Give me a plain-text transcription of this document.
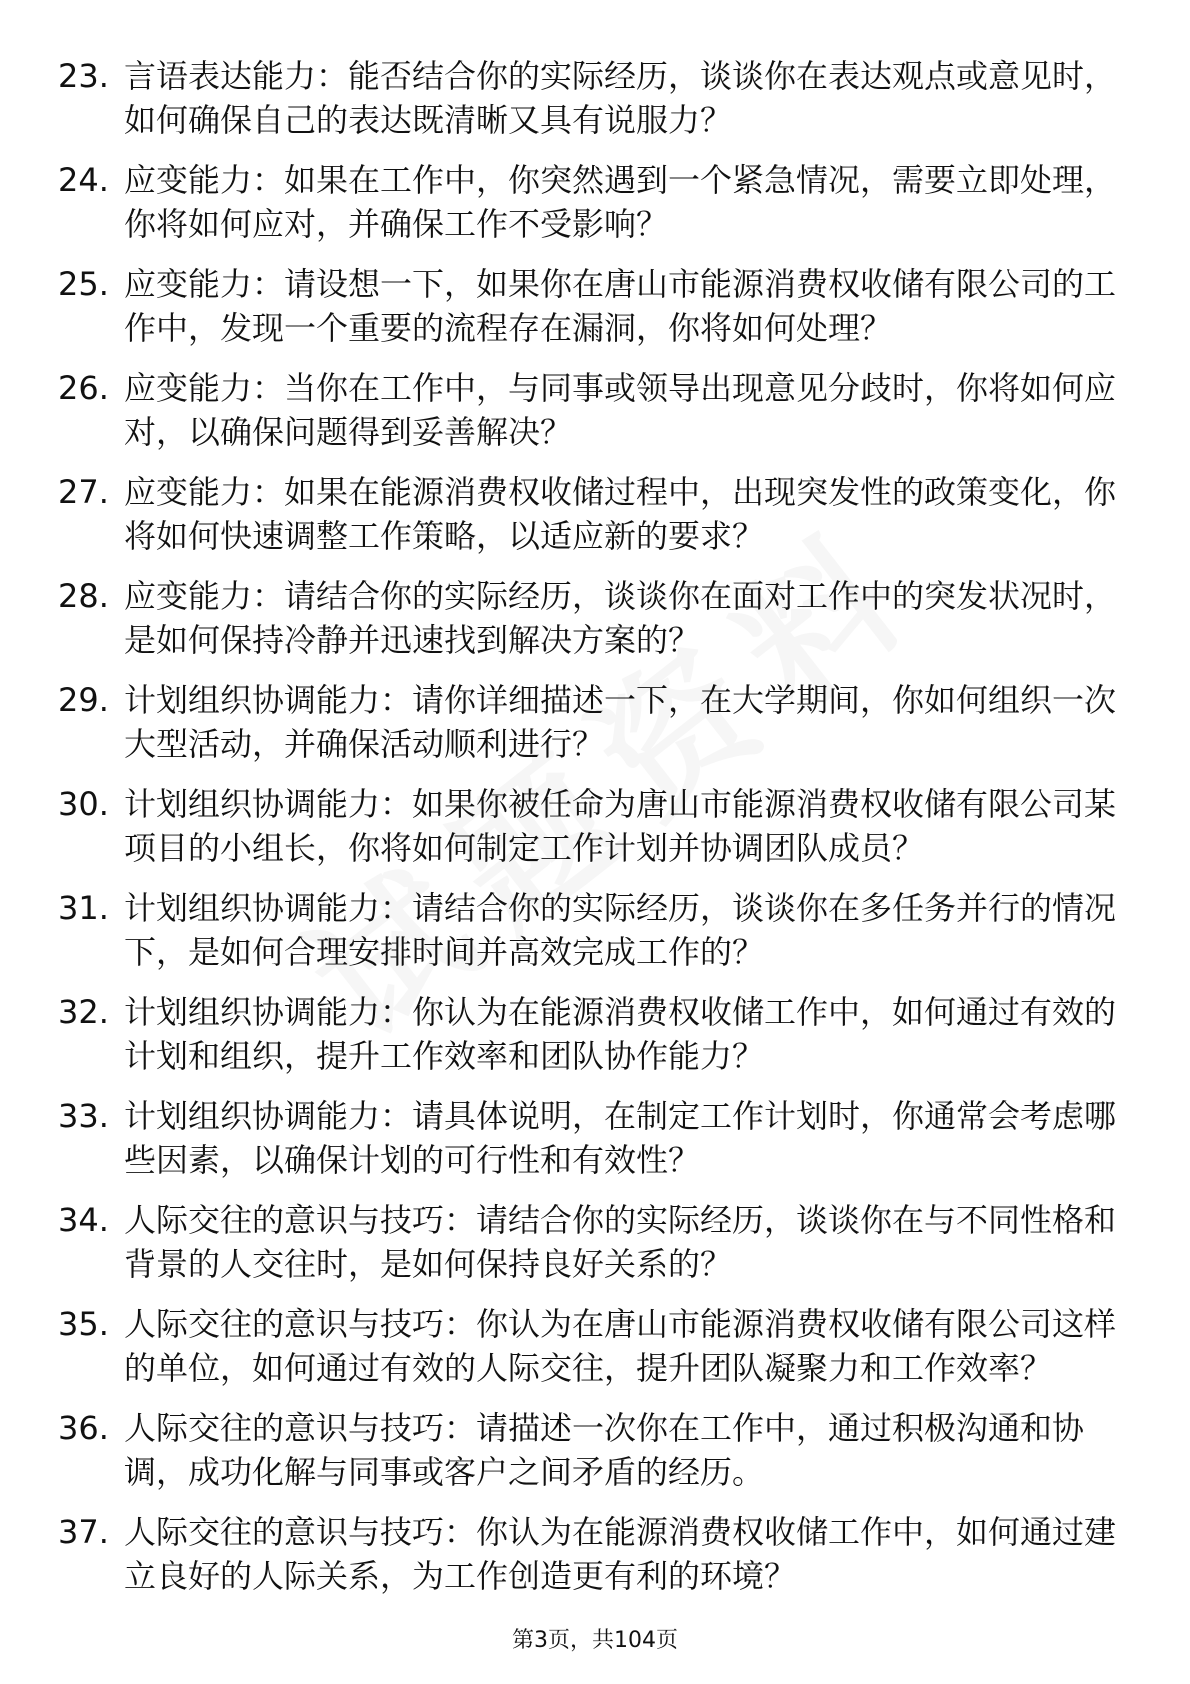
23. 言语表达能力：能否结合你的实际经历，谈谈你在表达观点或意见时，如何确保自己的表达既清晰又具有说服力？
24. 应变能力：如果在工作中，你突然遇到一个紧急情况，需要立即处理，你将如何应对，并确保工作不受影响？
25. 应变能力：请设想一下，如果你在唐山市能源消费权收储有限公司的工作中，发现一个重要的流程存在漏洞，你将如何处理？
26. 应变能力：当你在工作中，与同事或领导出现意见分歧时，你将如何应对，以确保问题得到妥善解决？
27. 应变能力：如果在能源消费权收储过程中，出现突发性的政策变化，你将如何快速调整工作策略，以适应新的要求？
28. 应变能力：请结合你的实际经历，谈谈你在面对工作中的突发状况时，是如何保持冷静并迅速找到解决方案的？
29. 计划组织协调能力：请你详细描述一下，在大学期间，你如何组织一次大型活动，并确保活动顺利进行？
30. 计划组织协调能力：如果你被任命为唐山市能源消费权收储有限公司某项目的小组长，你将如何制定工作计划并协调团队成员？
31. 计划组织协调能力：请结合你的实际经历，谈谈你在多任务并行的情况下，是如何合理安排时间并高效完成工作的？
32. 计划组织协调能力：你认为在能源消费权收储工作中，如何通过有效的计划和组织，提升工作效率和团队协作能力？
33. 计划组织协调能力：请具体说明，在制定工作计划时，你通常会考虑哪些因素，以确保计划的可行性和有效性？
34. 人际交往的意识与技巧：请结合你的实际经历，谈谈你在与不同性格和背景的人交往时，是如何保持良好关系的？
35. 人际交往的意识与技巧：你认为在唐山市能源消费权收储有限公司这样的单位，如何通过有效的人际交往，提升团队凝聚力和工作效率？
36. 人际交往的意识与技巧：请描述一次你在工作中，通过积极沟通和协调，成功化解与同事或客户之间矛盾的经历。
37. 人际交往的意识与技巧：你认为在能源消费权收储工作中，如何通过建立良好的人际关系，为工作创造更有利的环境？
第3页，共104页
